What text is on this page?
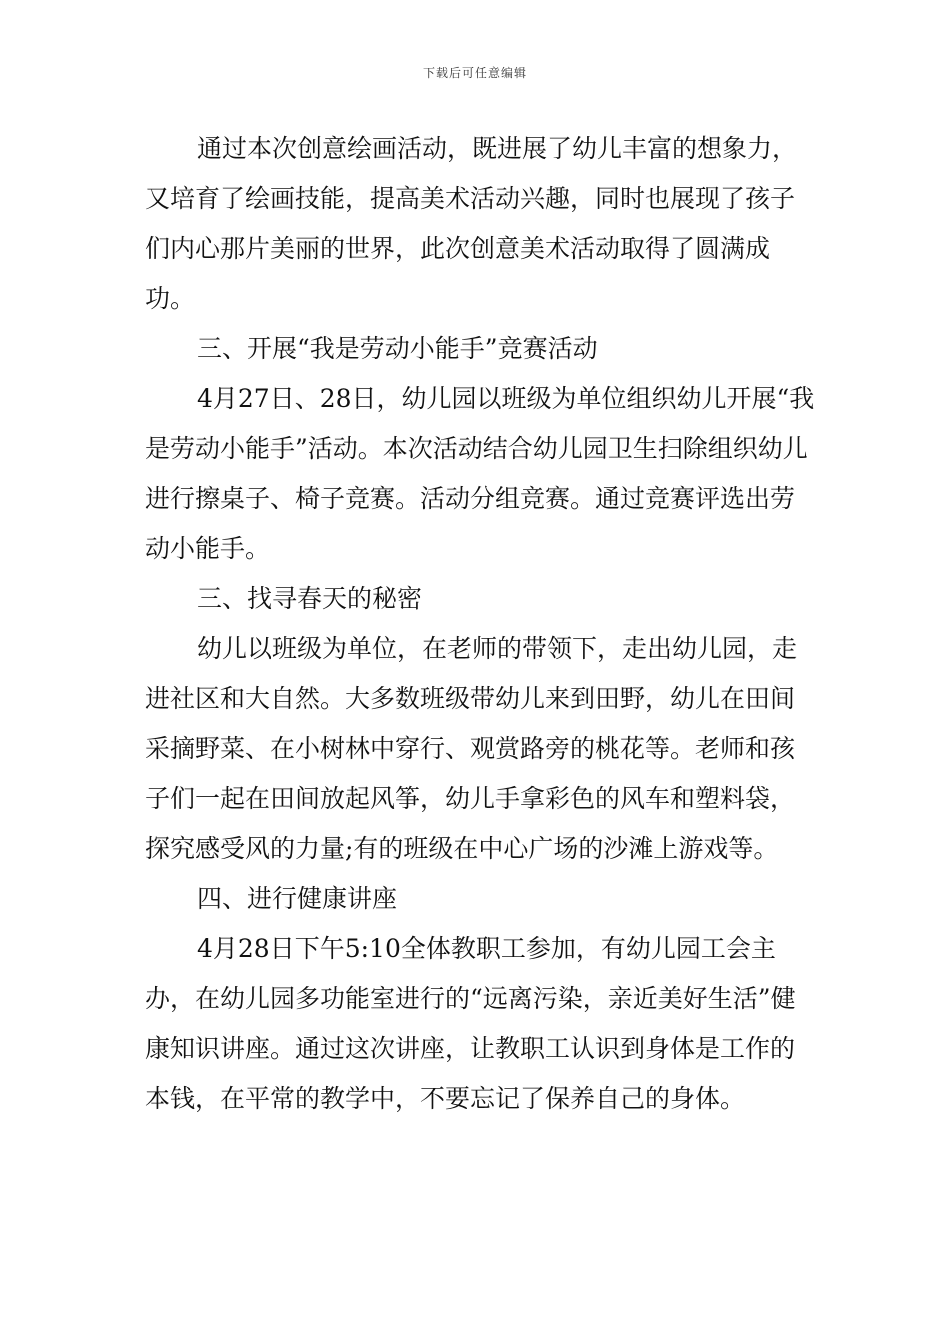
下载后可任意编辑

通过本次创意绘画活动，既进展了幼儿丰富的想象力，又培育了绘画技能，提高美术活动兴趣，同时也展现了孩子们内心那片美丽的世界，此次创意美术活动取得了圆满成功。

三、开展“我是劳动小能手”竞赛活动

4月27日、28日，幼儿园以班级为单位组织幼儿开展“我是劳动小能手”活动。本次活动结合幼儿园卫生扫除组织幼儿进行擦桌子、椅子竞赛。活动分组竞赛。通过竞赛评选出劳动小能手。

三、找寻春天的秘密

幼儿以班级为单位，在老师的带领下，走出幼儿园，走进社区和大自然。大多数班级带幼儿来到田野，幼儿在田间采摘野菜、在小树林中穿行、观赏路旁的桃花等。老师和孩子们一起在田间放起风筝，幼儿手拿彩色的风车和塑料袋，探究感受风的力量;有的班级在中心广场的沙滩上游戏等。

四、进行健康讲座

4月28日下午5:10全体教职工参加，有幼儿园工会主办，在幼儿园多功能室进行的“远离污染，亲近美好生活”健康知识讲座。通过这次讲座，让教职工认识到身体是工作的本钱，在平常的教学中，不要忘记了保养自己的身体。
